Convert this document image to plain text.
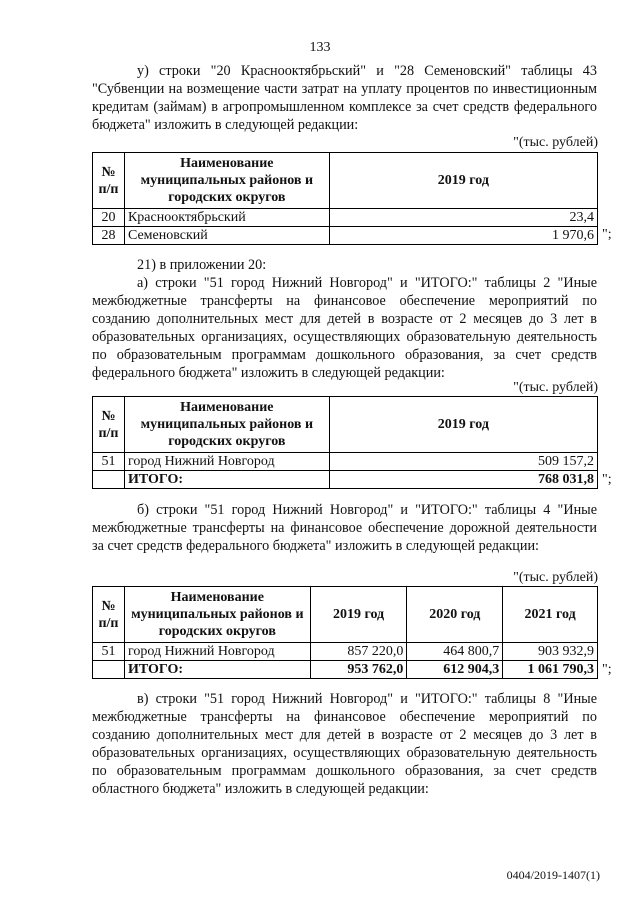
133
у) строки "20 Краснооктябрьский" и "28 Семеновский" таблицы 43 "Субвенции на возмещение части затрат на уплату процентов по инвестиционным кредитам (займам) в агропромышленном комплексе за счет средств федерального бюджета" изложить в следующей редакции:
"(тыс. рублей)
№ п/п	Наименование муниципальных районов и городских округов	2019 год
20	Краснооктябрьский	23,4
28	Семеновский	1 970,6 ";
21) в приложении 20:
а) строки "51 город Нижний Новгород" и "ИТОГО:" таблицы 2 "Иные межбюджетные трансферты на финансовое обеспечение мероприятий по созданию дополнительных мест для детей в возрасте от 2 месяцев до 3 лет в образовательных организациях, осуществляющих образовательную деятельность по образовательным программам дошкольного образования, за счет средств федерального бюджета" изложить в следующей редакции:
"(тыс. рублей)
№ п/п	Наименование муниципальных районов и городских округов	2019 год
51	город Нижний Новгород	509 157,2
	ИТОГО:	768 031,8 ";
б) строки "51 город Нижний Новгород" и "ИТОГО:" таблицы 4 "Иные межбюджетные трансферты на финансовое обеспечение дорожной деятельности за счет средств федерального бюджета" изложить в следующей редакции:
"(тыс. рублей)
№ п/п	Наименование муниципальных районов и городских округов	2019 год	2020 год	2021 год
51	город Нижний Новгород	857 220,0	464 800,7	903 932,9
	ИТОГО:	953 762,0	612 904,3	1 061 790,3 ";
в) строки "51 город Нижний Новгород" и "ИТОГО:" таблицы 8 "Иные межбюджетные трансферты на финансовое обеспечение мероприятий по созданию дополнительных мест для детей в возрасте от 2 месяцев до 3 лет в образовательных организациях, осуществляющих образовательную деятельность по образовательным программам дошкольного образования, за счет средств областного бюджета" изложить в следующей редакции:
0404/2019-1407(1)
